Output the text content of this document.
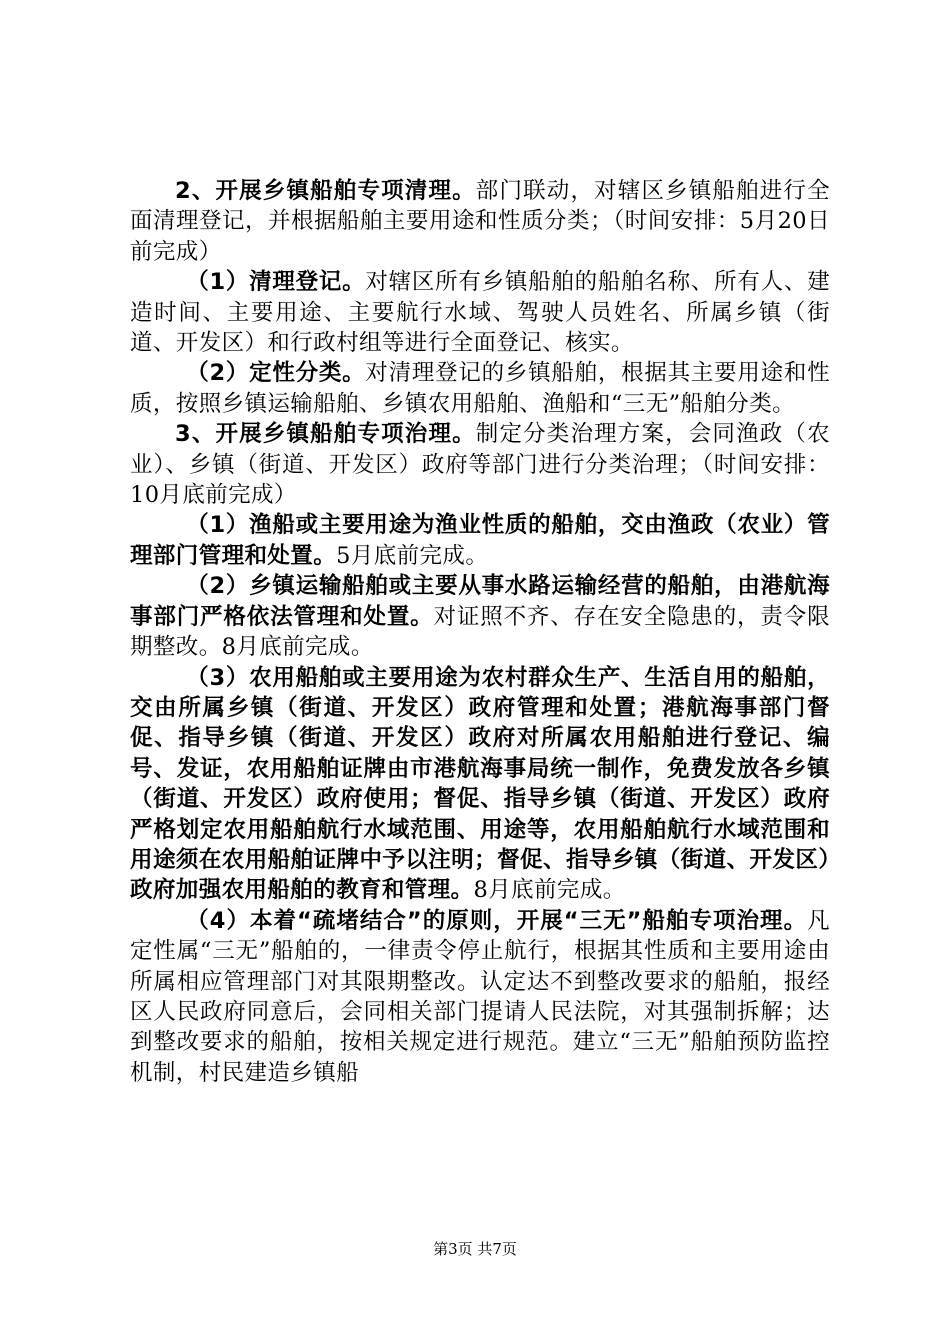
2、开展乡镇船舶专项清理。部门联动，对辖区乡镇船舶进行全面清理登记，并根据船舶主要用途和性质分类；（时间安排：5月20日前完成）

（1）清理登记。对辖区所有乡镇船舶的船舶名称、所有人、建造时间、主要用途、主要航行水域、驾驶人员姓名、所属乡镇（街道、开发区）和行政村组等进行全面登记、核实。

（2）定性分类。对清理登记的乡镇船舶，根据其主要用途和性质，按照乡镇运输船舶、乡镇农用船舶、渔船和“三无”船舶分类。

3、开展乡镇船舶专项治理。制定分类治理方案，会同渔政（农业）、乡镇（街道、开发区）政府等部门进行分类治理；（时间安排：10月底前完成）

（1）渔船或主要用途为渔业性质的船舶，交由渔政（农业）管理部门管理和处置。5月底前完成。

（2）乡镇运输船舶或主要从事水路运输经营的船舶，由港航海事部门严格依法管理和处置。对证照不齐、存在安全隐患的，责令限期整改。8月底前完成。

（3）农用船舶或主要用途为农村群众生产、生活自用的船舶，交由所属乡镇（街道、开发区）政府管理和处置；港航海事部门督促、指导乡镇（街道、开发区）政府对所属农用船舶进行登记、编号、发证，农用船舶证牌由市港航海事局统一制作，免费发放各乡镇（街道、开发区）政府使用；督促、指导乡镇（街道、开发区）政府严格划定农用船舶航行水域范围、用途等，农用船舶航行水域范围和用途须在农用船舶证牌中予以注明；督促、指导乡镇（街道、开发区）政府加强农用船舶的教育和管理。8月底前完成。

（4）本着“疏堵结合”的原则，开展“三无”船舶专项治理。凡定性属“三无”船舶的，一律责令停止航行，根据其性质和主要用途由所属相应管理部门对其限期整改。认定达不到整改要求的船舶，报经区人民政府同意后，会同相关部门提请人民法院，对其强制拆解；达到整改要求的船舶，按相关规定进行规范。建立“三无”船舶预防监控机制，村民建造乡镇船

第3页 共7页
